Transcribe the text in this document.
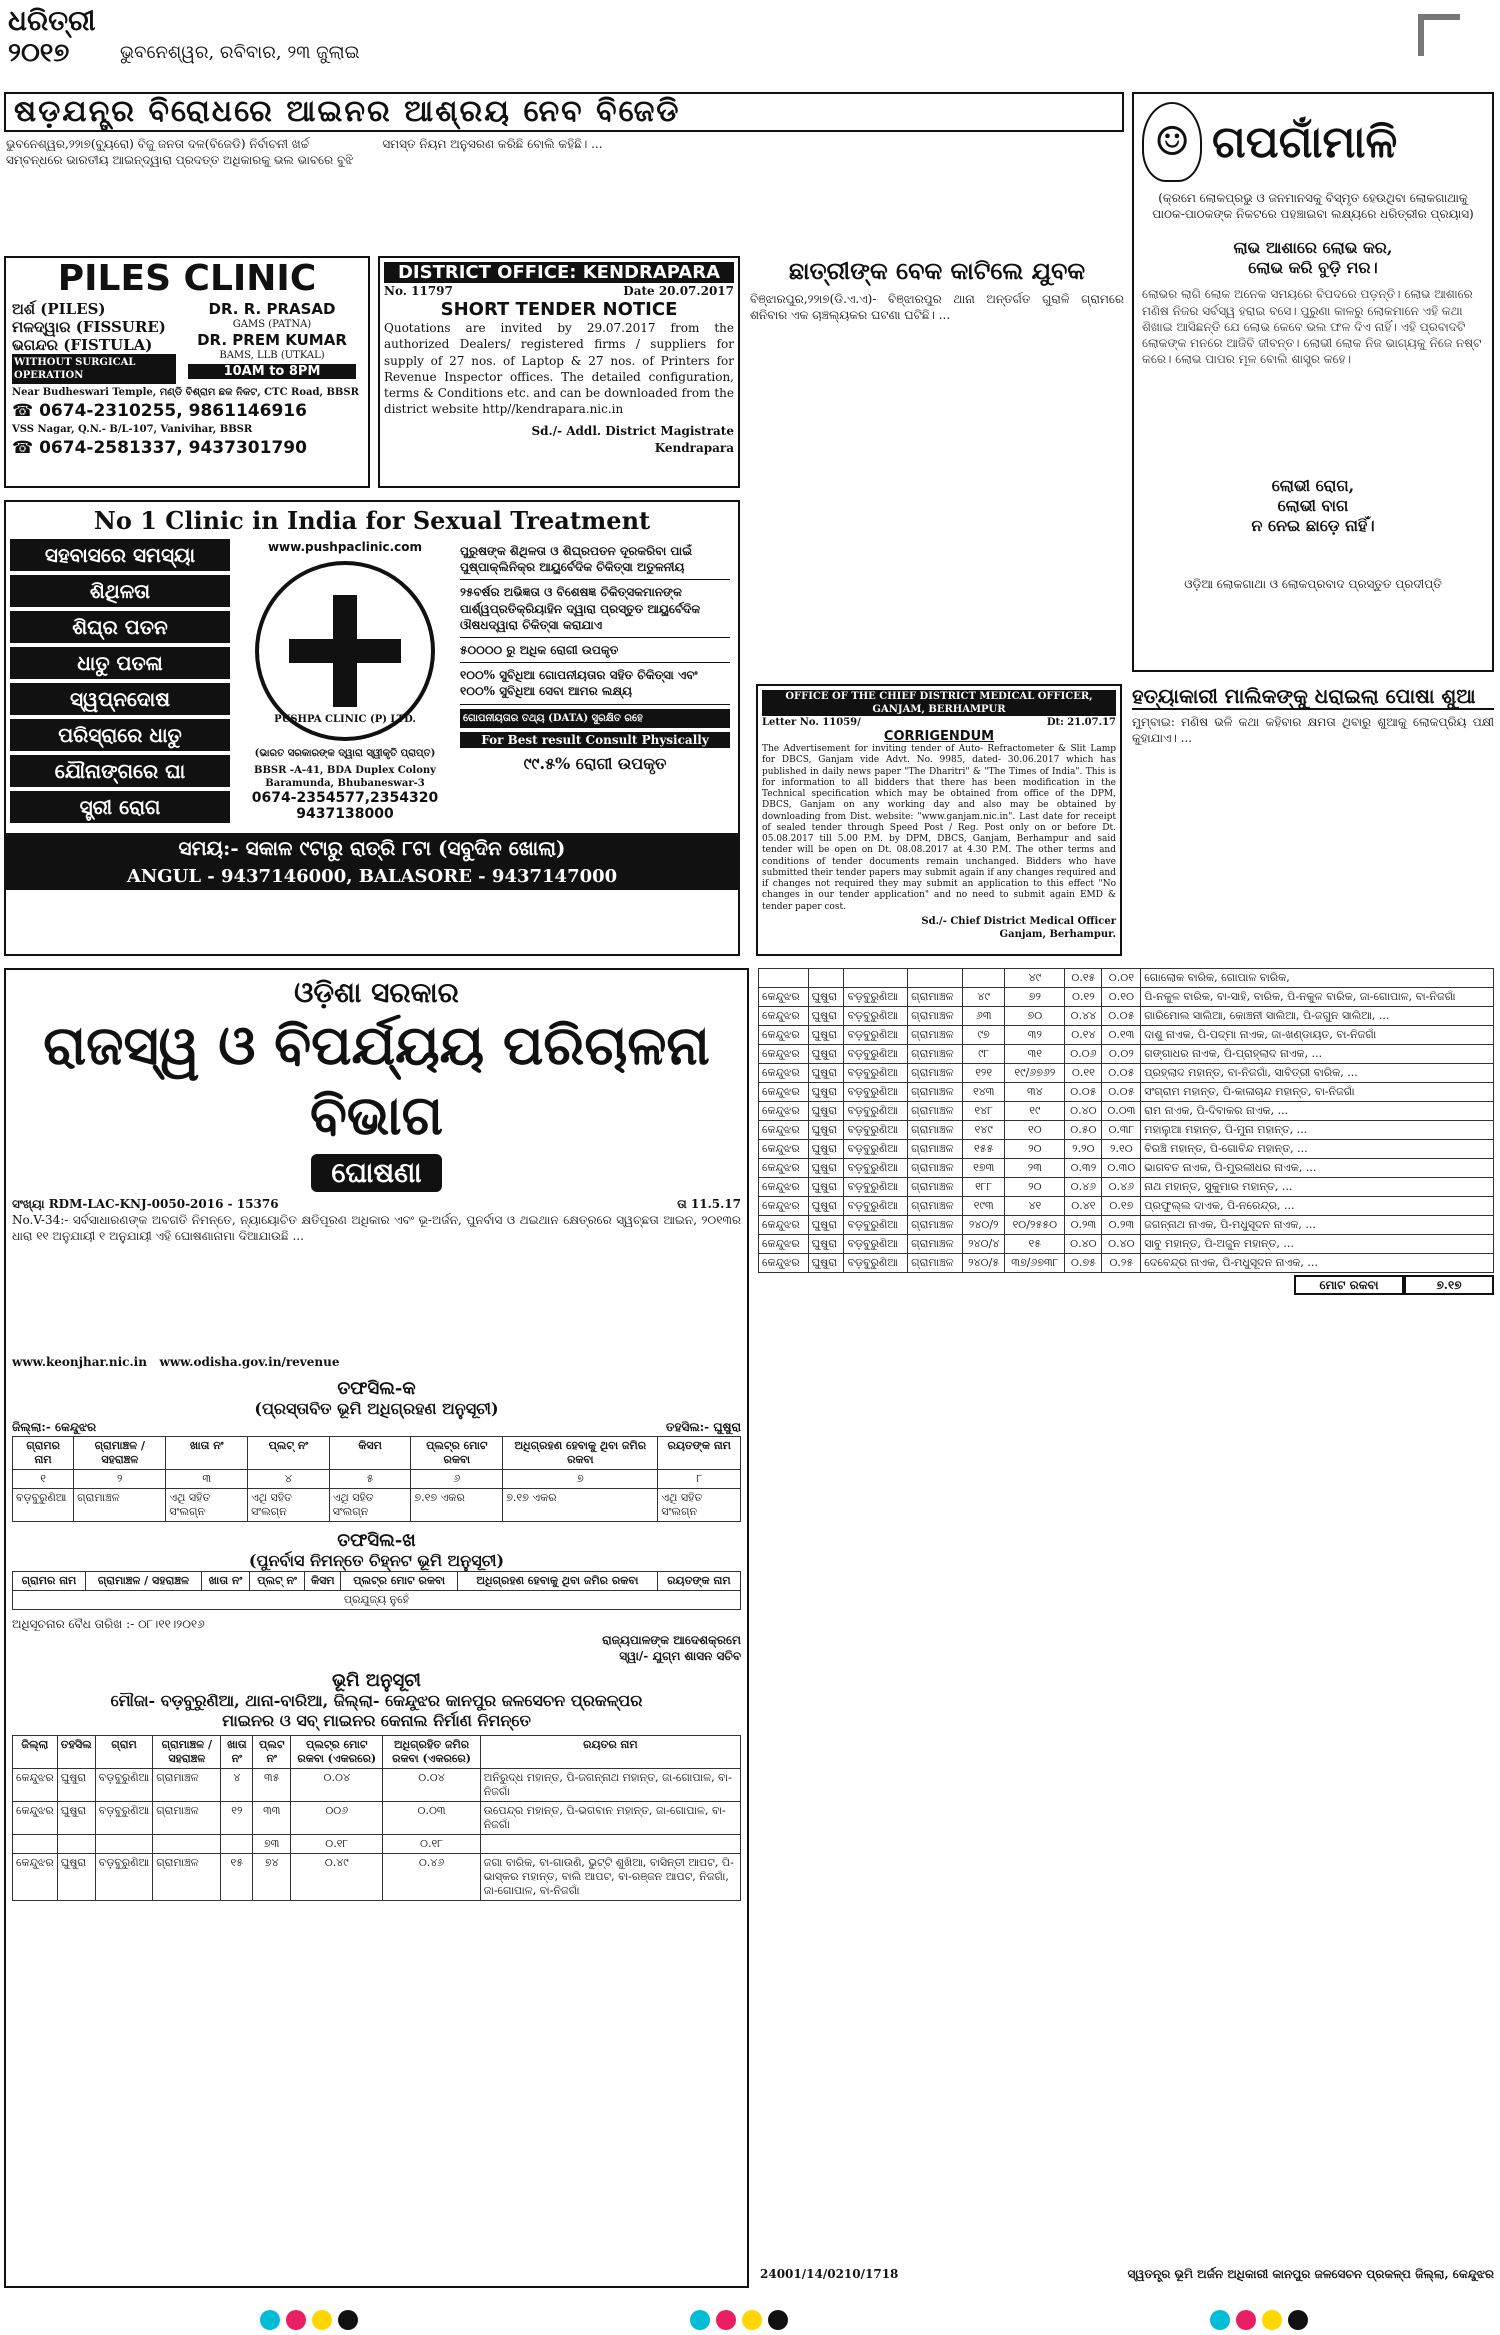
ଧରିତ୍ରୀ
୨୦୧୭	ଭୁବନେଶ୍ୱର, ରବିବାର, ୨୩ ଜୁଲାଇ
ଷଡ଼ଯନ୍ତ୍ର ବିରୋଧରେ ଆଇନର ଆଶ୍ରୟ ନେବ ବିଜେଡି
ଭୁବନେଶ୍ୱର,୨୨ା୭(ବ୍ୟୁରୋ) ବିଜୁ ଜନତା ଦଳ(ବିଜେଡି) ନିର୍ବାଚନୀ ଖର୍ଚ୍ଚ ସମ୍ବନ୍ଧରେ ଭାରତୀୟ ଆଇନ୍‌ଦ୍ୱାରା ପ୍ରଦତ୍ତ ଅଧିକାରକୁ ଭଲ ଭାବରେ ବୁଝି ସମସ୍ତ ନିୟମ ଅନୁସରଣ କରିଛି ବୋଲି କହିଛି। ...	☺ ଗପଗାଁମାଳି
(କ୍ରମେ ଲୋକପ୍ରଭୁ ଓ ଜନମାନସକୁ ବିସ୍ମୃତ ହେଉଥିବା ଲୋକଗାଥାକୁ ପାଠକ-ପାଠକଙ୍କ ନିକଟରେ ପହଞ୍ଚାଇବା ଲକ୍ଷ୍ୟରେ ଧରିତ୍ରୀର ପ୍ରୟାସ)
ଲାଭ ଆଶାରେ ଲୋଭ କର,
ଲୋଭ କରି ବୁଡ଼ି ମର।
ଲୋଭର ଲାଗି ଲୋକ ଅନେକ ସମୟରେ ବିପଦରେ ପଡ଼ନ୍ତି। ଲୋଭ ଆଶାରେ ମଣିଷ ନିଜର ସର୍ବସ୍ୱ ହରାଇ ବସେ। ପୁରୁଣା କାଳରୁ ଲୋକମାନେ ଏହି କଥା ଶିଖାଇ ଆସିଛନ୍ତି ଯେ ଲୋଭ କେବେ ଭଲ ଫଳ ଦିଏ ନାହିଁ। ଏହି ପ୍ରବାଦଟି ଲୋକଙ୍କ ମନରେ ଆଜିବି ଜୀବନ୍ତ। ଲୋଭୀ ଲୋକ ନିଜ ଭାଗ୍ୟକୁ ନିଜେ ନଷ୍ଟ କରେ। ଲୋଭ ପାପର ମୂଳ ବୋଲି ଶାସ୍ତ୍ର କହେ।
ଲୋଭୀ ରୋଗ,
ଲୋଭୀ ବାଗ
ନ ନେଇ ଛାଡ଼େ ନାହିଁ।
ଓଡ଼ିଆ ଲୋକଗାଥା ଓ ଲୋକପ୍ରବାଦ ପ୍ରସ୍ତୁତ ପ୍ରଦୀପ୍ତି
PILES CLINIC
ଅର୍ଶ (PILES)
ମଳଦ୍ୱାର (FISSURE)
ଭଗନ୍ଦର (FISTULA)
WITHOUT SURGICAL OPERATION
DR. R. PRASAD
GAMS (PATNA)
DR. PREM KUMAR
BAMS, LLB (UTKAL)
10AM to 8PM
Near Budheswari Temple, ମଣ୍ଡି ବିଶ୍ରାମ ଛକ ନିକଟ, CTC Road, BBSR
☎ 0674-2310255, 9861146916
VSS Nagar, Q.N.- B/L-107, Vanivihar, BBSR
☎ 0674-2581337, 9437301790
DISTRICT OFFICE: KENDRAPARA
No. 11797	Date 20.07.2017
SHORT TENDER NOTICE
Quotations are invited by 29.07.2017 from the authorized Dealers/ registered firms / suppliers for supply of 27 nos. of Laptop & 27 nos. of Printers for Revenue Inspector offices. The detailed configuration, terms & Conditions etc. and can be downloaded from the district website http//kendrapara.nic.in
Sd./- Addl. District Magistrate
Kendrapara
ଛାତ୍ରୀଙ୍କ ବେକ କାଟିଲେ ଯୁବକ
ବିଞ୍ଝାରପୁର,୨୨ା୭(ଡି.ଏ.ଏ)- ବିଞ୍ଝାରପୁର ଥାନା ଅନ୍ତର୍ଗତ ଗୁରାଳି ଗ୍ରାମରେ ଶନିବାର ଏକ ଚାଞ୍ଚଲ୍ୟକର ଘଟଣା ଘଟିଛି। ...
No 1 Clinic in India for Sexual Treatment
ସହବାସରେ ସମସ୍ୟା
ଶିଥିଳତା
ଶିଘ୍ର ପତନ
ଧାତୁ ପତଳା
ସ୍ୱପ୍ନଦୋଷ
ପରିସ୍ରାରେ ଧାତୁ
ଯୌନାଙ୍ଗରେ ଘା
ସ୍ତ୍ରୀ ରୋଗ
www.pushpaclinic.com
PUSHPA CLINIC (P) LTD.
(ଭାରତ ସରକାରଙ୍କ ଦ୍ୱାରା ସ୍ୱୀକୃତି ପ୍ରାପ୍ତ)
BBSR -A-41, BDA Duplex Colony Baramunda, Bhubaneswar-3
0674-2354577,2354320
9437138000
ପୁରୁଷଙ୍କ ଶିଥିଳତା ଓ ଶିଘ୍ରପତନ ଦୂରକରିବା ପାଇଁ ପୁଷ୍ପାକ୍ଲିନିକ୍ର ଆୟୁର୍ବେଦିକ ଚିକିତ୍ସା ଅତୁଳନୀୟ
୨୫ବର୍ଷର ଅଭିଜ୍ଞତା ଓ ବିଶେଷଜ୍ଞ ଚିକିତ୍ସକମାନଙ୍କ ପାର୍ଶ୍ୱପ୍ରତିକ୍ରିୟାହିନ ଦ୍ୱାରା ପ୍ରସ୍ତୁତ ଆୟୁର୍ବେଦିକ ଔଷଧଦ୍ୱାରା ଚିକିତ୍ସା କରାଯାଏ
୫୦୦୦୦ ରୁ ଅଧିକ ରୋଗୀ ଉପକୃତ
୧୦୦% ସୁବିଧିଆ ଗୋପନୀୟତାର ସହିତ ଚିକିତ୍ସା ଏବଂ ୧୦୦% ସୁବିଧିଆ ସେବା ଆମର ଲକ୍ଷ୍ୟ
ଗୋପନୀୟତାର ତଥ୍ୟ (DATA) ସୁରକ୍ଷିତ ରହେ
For Best result Consult Physically
୯୯.୫% ରୋଗୀ ଉପକୃତ
ସମୟ:- ସକାଳ ୯ଟାରୁ ରାତ୍ରି ୮ଟା (ସବୁଦିନ ଖୋଲା)
ANGUL - 9437146000, BALASORE - 9437147000
OFFICE OF THE CHIEF DISTRICT MEDICAL OFFICER, GANJAM, BERHAMPUR
Letter No. 11059/	Dt: 21.07.17
CORRIGENDUM
The Advertisement for inviting tender of Auto- Refractometer & Slit Lamp for DBCS, Ganjam vide Advt. No. 9985, dated- 30.06.2017 which has published in daily news paper "The Dharitri" & "The Times of India". This is for information to all bidders that there has been modification in the Technical specification which may be obtained from office of the DPM, DBCS, Ganjam on any working day and also may be obtained by downloading from Dist. website: "www.ganjam.nic.in". Last date for receipt of sealed tender through Speed Post / Reg. Post only on or before Dt. 05.08.2017 till 5.00 P.M. by DPM, DBCS, Ganjam, Berhampur and said tender will be open on Dt. 08.08.2017 at 4.30 P.M. The other terms and conditions of tender documents remain unchanged. Bidders who have submitted their tender papers may submit again if any changes required and if changes not required they may submit an application to this effect "No changes in our tender application" and no need to submit again EMD & tender paper cost.
Sd./- Chief District Medical Officer
Ganjam, Berhampur.
ହତ୍ୟାକାରୀ ମାଲିକଙ୍କୁ ଧରାଇଲା ପୋଷା ଶୁଆ
ମୁମ୍ବାଇ: ମଣିଷ ଭଳି କଥା କହିବାର କ୍ଷମତା ଥିବାରୁ ଶୁଆକୁ ଲୋକପ୍ରିୟ ପକ୍ଷୀ କୁହାଯାଏ। ...
ଓଡ଼ିଶା ସରକାର
ରାଜସ୍ୱ ଓ ବିପର୍ଯ୍ୟୟ ପରିଚାଳନା ବିଭାଗ
ଘୋଷଣା
ସଂଖ୍ୟା RDM-LAC-KNJ-0050-2016 - 15376	ତା 11.5.17
No.V-34:- ସର୍ବସାଧାରଣଙ୍କ ଅବଗତି ନିମନ୍ତେ, ନ୍ୟାୟୋଚିତ କ୍ଷତିପୂରଣ ଅଧିକାର ଏବଂ ଭୂ-ଅର୍ଜନ, ପୁନର୍ବାସ ଓ ଥଇଥାନ କ୍ଷେତ୍ରରେ ସ୍ୱଚ୍ଛତା ଆଇନ, ୨୦୧୩ର ଧାରା ୧୧ ଅନୁଯାୟୀ ୧ ଅନୁଯାୟୀ ଏହି ଘୋଷଣାନାମା ଦିଆଯାଉଛି ...
www.keonjhar.nic.in www.odisha.gov.in/revenue
ତଫସିଲ-କ
(ପ୍ରସ୍ତାବିତ ଭୂମି ଅଧିଗ୍ରହଣ ଅନୁସୂଚୀ)
ଜିଲ୍ଲା:- କେନ୍ଦୁଝର	ତହସିଲ:- ଘୁଷୁରା
ଗ୍ରାମର ନାମ	ଗ୍ରାମାଞ୍ଚଳ / ସହରାଞ୍ଚଳ	ଖାତା ନଂ	ପ୍ଲଟ୍ ନଂ	କିସମ	ପ୍ଲଟ୍‌ର ମୋଟ ରକବା	ଅଧିଗ୍ରହଣ ହେବାକୁ ଥିବା ଜମିର ରକବା	ରୟତଙ୍କ ନାମ
୧	୨	୩	୪	୫	୬	୭	୮
ବଡ଼ବୁରୁଣିଆ	ଗ୍ରାମାଞ୍ଚଳ	ଏଥି ସହିତ ସଂଲଗ୍ନ	ଏଥି ସହିତ ସଂଲଗ୍ନ	ଏଥି ସହିତ ସଂଲଗ୍ନ	୭.୧୭ ଏକର	୭.୧୭ ଏକର	ଏଥି ସହିତ ସଂଲଗ୍ନ
ତଫସିଲ-ଖ
(ପୁନର୍ବାସ ନିମନ୍ତେ ଚିହ୍ନଟ ଭୂମି ଅନୁସୂଚୀ)
ଗ୍ରାମର ନାମ	ଗ୍ରାମାଞ୍ଚଳ / ସହରାଞ୍ଚଳ	ଖାତା ନଂ	ପ୍ଲଟ୍ ନଂ	କିସମ	ପ୍ଲଟ୍‌ର ମୋଟ ରକବା	ଅଧିଗ୍ରହଣ ହେବାକୁ ଥିବା ଜମିର ରକବା	ରୟତଙ୍କ ନାମ
ପ୍ରଯୁଜ୍ୟ ନୁହେଁ
ଅଧିସୂଚନାର ବୈଧ ତାରିଖ :- ୦୮।୧୧।୨୦୧୬
ରାଜ୍ୟପାଳଙ୍କ ଆଦେଶକ୍ରମେ
ସ୍ୱା/- ଯୁଗ୍ମ ଶାସନ ସଚିବ
ଭୂମି ଅନୁସୂଚୀ
ମୌଜା- ବଡ଼ବୁରୁଣିଆ, ଥାନା-ବାରିଆ, ଜିଲ୍ଲା- କେନ୍ଦୁଝର କାନପୁର ଜଳସେଚନ ପ୍ରକଳ୍ପର
ମାଇନର ଓ ସବ୍ ମାଇନର କେନାଲ ନିର୍ମାଣ ନିମନ୍ତେ
ଜିଲ୍ଲା	ତହସିଲ	ଗ୍ରାମ	ଗ୍ରାମାଞ୍ଚଳ / ସହରାଞ୍ଚଳ	ଖାତା ନଂ	ପ୍ଲଟ ନଂ	ପ୍ଲଟ୍‌ର ମୋଟ ରକବା (ଏକରରେ)	ଅଧିଗ୍ରହିତ ଜମିର ରକବା (ଏକରରେ)	ରୟତର ନାମ
କେନ୍ଦୁଝର	ଘୁଷୁରା	ବଡ଼ବୁରୁଣିଆ	ଗ୍ରାମାଞ୍ଚଳ	୪	୩୫	୦.୦୪	୦.୦୪	ଅନିରୁଦ୍ଧ ମହାନ୍ତ, ପି-ଜଗନ୍ନାଥ ମହାନ୍ତ, ଜା-ଗୋପାଳ, ବା-ନିଜଗାଁ
କେନ୍ଦୁଝର	ଘୁଷୁରା	ବଡ଼ବୁରୁଣିଆ	ଗ୍ରାମାଞ୍ଚଳ	୧୨	୩୩	୦୦୬	୦.୦୩	ଉପେନ୍ଦ୍ର ମହାନ୍ତ, ପି-ଭଗବାନ ମହାନ୍ତ, ଜା-ଗୋପାଳ, ବା-ନିଜଗାଁ
					୭୩	୦.୧୮	୦.୧୮	
କେନ୍ଦୁଝର	ଘୁଷୁରା	ବଡ଼ବୁରୁଣିଆ	ଗ୍ରାମାଞ୍ଚଳ	୧୫	୭୪	୦.୪୯	୦.୪୬	ଜଗା ବାରିକ, ବା-ଗାଉଣି, ଭୁଟ୍ଟି ଶୁଖିଆ, ବାସିନ୍ତୀ ଆପଟ, ପି-ଭାସ୍କର ମହାନ୍ତ, ବାଲି ଆପଟ, ବା-ରଞ୍ଜନ ଆପଟ, ନିଜଗାଁ, ଜା-ଗୋପାଳ, ବା-ନିଜଗାଁ
					୪୯	୦.୧୫	୦.୦୧	ଗୋଲୋକ ବାରିକ, ଗୋପାଳ ବାରିକ,
କେନ୍ଦୁଝର	ଘୁଷୁରା	ବଡ଼ବୁରୁଣିଆ	ଗ୍ରାମାଞ୍ଚଳ	୪୯	୭୨	୦.୧୨	୦.୧୦	ପି-ନକୁଳ ବାରିକ, ବା-ସାହି, ବାରିକ, ପି-ନକୁଳ ବାରିକ, ଜା-ଗୋପାଳ, ବା-ନିଜଗାଁ
କେନ୍ଦୁଝର	ଘୁଷୁରା	ବଡ଼ବୁରୁଣିଆ	ଗ୍ରାମାଞ୍ଚଳ	୬୩	୭୦	୦.୪୪	୦.୦୫	ଗାରିମୋଲ ସାଲିଆ, କୋଞ୍ଚନୀ ସାଲିଆ, ପି-ଜଗୁନ ସାଲିଆ, ...
କେନ୍ଦୁଝର	ଘୁଷୁରା	ବଡ଼ବୁରୁଣିଆ	ଗ୍ରାମାଞ୍ଚଳ	୯୭	୩୨	୦.୧୪	୦.୧୩	ଦାଶୁ ନାଏକ, ପି-ପଦ୍ମା ନାଏକ, ଜା-ଖଣ୍ଡାୟତ, ବା-ନିଜଗାଁ
କେନ୍ଦୁଝର	ଘୁଷୁରା	ବଡ଼ବୁରୁଣିଆ	ଗ୍ରାମାଞ୍ଚଳ	୯୮	୩୧	୦.୦୬	୦.୦୨	ଗଙ୍ଗାଧର ନାଏକ, ପି-ପ୍ରାହ୍ଲାଦ ନାଏକ, ...
କେନ୍ଦୁଝର	ଘୁଷୁରା	ବଡ଼ବୁରୁଣିଆ	ଗ୍ରାମାଞ୍ଚଳ	୧୨୧	୧୯/୬୭୬୨	୦.୧୧	୦.୦୫	ପ୍ରହ୍ଲାଦ ମହାନ୍ତ, ବା-ନିଜଗାଁ, ସାବିତ୍ରୀ ବାରିକ, ...
କେନ୍ଦୁଝର	ଘୁଷୁରା	ବଡ଼ବୁରୁଣିଆ	ଗ୍ରାମାଞ୍ଚଳ	୧୪୩	୩୪	୦.୦୫	୦.୦୫	ସଂଗ୍ରାମ ମହାନ୍ତ, ପି-କାଳାଚାନ୍ଦ ମହାନ୍ତ, ବା-ନିଜଗାଁ
କେନ୍ଦୁଝର	ଘୁଷୁରା	ବଡ଼ବୁରୁଣିଆ	ଗ୍ରାମାଞ୍ଚଳ	୧୪୮	୧୯	୦.୪୦	୦.୦୩	ରାମ ନାଏକ, ପି-ଦିବାକର ନାଏକ, ...
କେନ୍ଦୁଝର	ଘୁଷୁରା	ବଡ଼ବୁରୁଣିଆ	ଗ୍ରାମାଞ୍ଚଳ	୧୪୯	୧୦	୦.୫୦	୦.୩୮	ମହାଲୁଆ ମହାନ୍ତ, ପି-ମୁନା ମହାନ୍ତ, ...
କେନ୍ଦୁଝର	ଘୁଷୁରା	ବଡ଼ବୁରୁଣିଆ	ଗ୍ରାମାଞ୍ଚଳ	୧୫୫	୨୦	୨.୨୦	୨.୧୦	ବିରଞ୍ଚି ମହାନ୍ତ, ପି-ଗୋବିନ୍ଦ ମହାନ୍ତ, ...
କେନ୍ଦୁଝର	ଘୁଷୁରା	ବଡ଼ବୁରୁଣିଆ	ଗ୍ରାମାଞ୍ଚଳ	୧୭୩	୨୩	୦.୩୨	୦.୩୦	ଭାଗବତ ନାଏକ, ପି-ମୁରଲୀଧର ନାଏକ, ...
କେନ୍ଦୁଝର	ଘୁଷୁରା	ବଡ଼ବୁରୁଣିଆ	ଗ୍ରାମାଞ୍ଚଳ	୧୮୮	୨୦	୦.୪୬	୦.୪୬	ନାଥ ମହାନ୍ତ, ସୁକୁମାର ମହାନ୍ତ, ...
କେନ୍ଦୁଝର	ଘୁଷୁରା	ବଡ଼ବୁରୁଣିଆ	ଗ୍ରାମାଞ୍ଚଳ	୧୯୩	୪୧	୦.୪୧	୦.୧୭	ପ୍ରଫୁଲ୍ଲ ଦାଏକ, ପି-ନରେନ୍ଦ୍ର, ...
କେନ୍ଦୁଝର	ଘୁଷୁରା	ବଡ଼ବୁରୁଣିଆ	ଗ୍ରାମାଞ୍ଚଳ	୨୪୦/୨	୧୦/୨୫୫୦	୦.୨୩	୦.୨୩	ଜଗନ୍ନାଥ ନାଏକ, ପି-ମଧୁସୂଦନ ନାଏକ, ...
କେନ୍ଦୁଝର	ଘୁଷୁରା	ବଡ଼ବୁରୁଣିଆ	ଗ୍ରାମାଞ୍ଚଳ	୨୪୦/୪	୧୫	୦.୪୦	୦.୪୦	ସାବୁ ମହାନ୍ତ, ପି-ଅଜୁନ ମହାନ୍ତ, ...
କେନ୍ଦୁଝର	ଘୁଷୁରା	ବଡ଼ବୁରୁଣିଆ	ଗ୍ରାମାଞ୍ଚଳ	୨୪୦/୫	୩୭/୬୭୩୮	୦.୭୫	୦.୨୫	ଦେବେନ୍ଦ୍ର ନାଏକ, ପି-ମଧୁସୂଦନ ନାଏକ, ...
ମୋଟ ରକବା	୭.୧୭
24001/14/0210/1718	ସ୍ୱତନ୍ତ୍ର ଭୂମି ଅର୍ଜନ ଅଧିକାରୀ କାନପୁର ଜଳସେଚନ ପ୍ରକଳ୍ପ ଜିଲ୍ଲା, କେନ୍ଦୁଝର
